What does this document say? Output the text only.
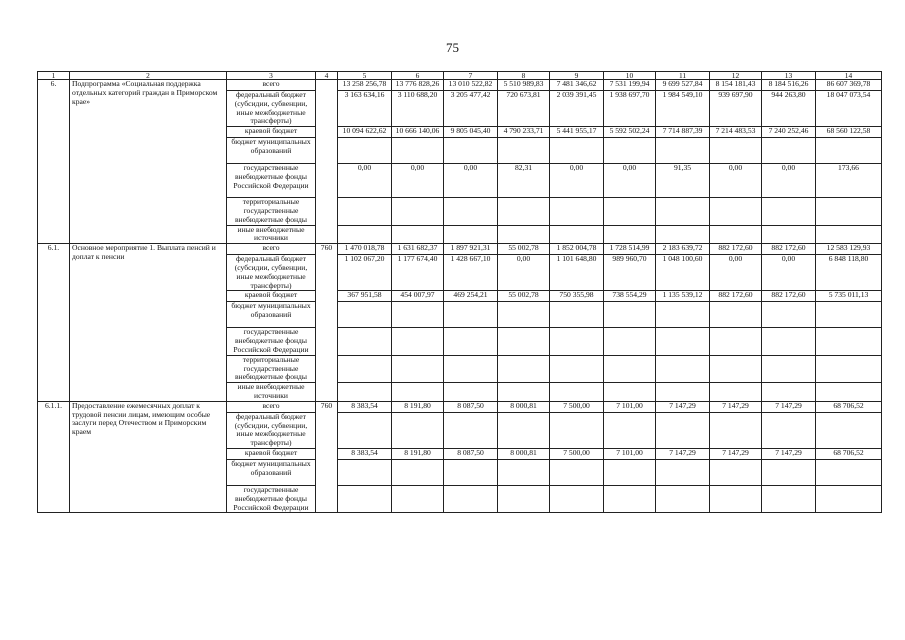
75
1	2	3	4	5	6	7	8	9	10	11	12	13	14
6.	Подпрограмма «Социальная поддержка отдельных категорий граждан в Приморском крае»	всего		13 258 256,78	13 776 828,26	13 010 522,82	5 510 989,83	7 481 346,62	7 531 199,94	9 699 527,84	8 154 181,43	8 184 516,26	86 607 369,78
		федеральный бюджет (субсидии, субвенции, иные межбюджетные трансферты)		3 163 634,16	3 110 688,20	3 205 477,42	720 673,81	2 039 391,45	1 938 697,70	1 984 549,10	939 697,90	944 263,80	18 047 073,54
		краевой бюджет		10 094 622,62	10 666 140,06	9 805 045,40	4 790 233,71	5 441 955,17	5 592 502,24	7 714 887,39	7 214 483,53	7 240 252,46	68 560 122,58
		бюджет муниципальных образований											
		государственные внебюджетные фонды Российской Федерации		0,00	0,00	0,00	82,31	0,00	0,00	91,35	0,00	0,00	173,66
		территориальные государственные внебюджетные фонды											
		иные внебюджетные источники											
6.1.	Основное мероприятие 1. Выплата пенсий и доплат к пенсии	всего	760	1 470 018,78	1 631 682,37	1 897 921,31	55 002,78	1 852 004,78	1 728 514,99	2 183 639,72	882 172,60	882 172,60	12 583 129,93
		федеральный бюджет (субсидии, субвенции, иные межбюджетные трансферты)		1 102 067,20	1 177 674,40	1 428 667,10	0,00	1 101 648,80	989 960,70	1 048 100,60	0,00	0,00	6 848 118,80
		краевой бюджет		367 951,58	454 007,97	469 254,21	55 002,78	750 355,98	738 554,29	1 135 539,12	882 172,60	882 172,60	5 735 011,13
		бюджет муниципальных образований											
		государственные внебюджетные фонды Российской Федерации											
		территориальные государственные внебюджетные фонды											
		иные внебюджетные источники											
6.1.1.	Предоставление ежемесячных доплат к трудовой пенсии лицам, имеющим особые заслуги перед Отечеством и Приморским краем	всего	760	8 383,54	8 191,80	8 087,50	8 000,81	7 500,00	7 101,00	7 147,29	7 147,29	7 147,29	68 706,52
		федеральный бюджет (субсидии, субвенции, иные межбюджетные трансферты)											
		краевой бюджет		8 383,54	8 191,80	8 087,50	8 000,81	7 500,00	7 101,00	7 147,29	7 147,29	7 147,29	68 706,52
		бюджет муниципальных образований											
		государственные внебюджетные фонды Российской Федерации											
